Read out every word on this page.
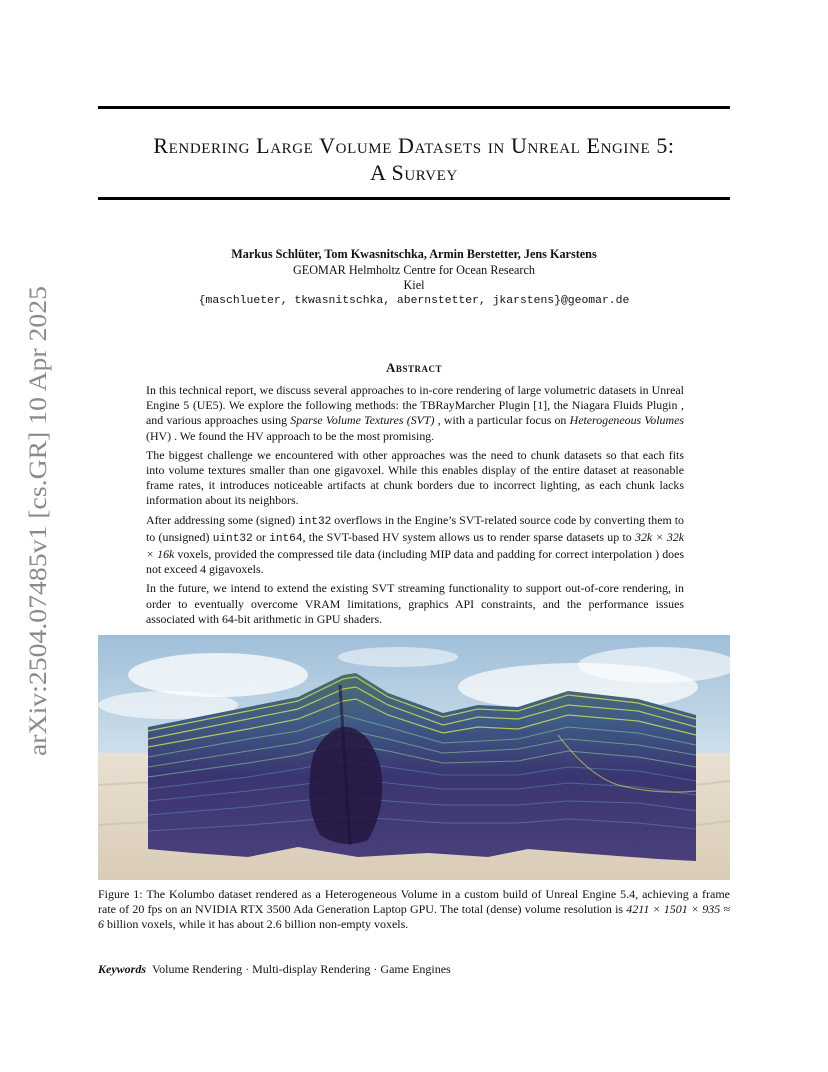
arXiv:2504.07485v1 [cs.GR] 10 Apr 2025
Rendering Large Volume Datasets in Unreal Engine 5:
A Survey
Markus Schlüter, Tom Kwasnitschka, Armin Berstetter, Jens Karstens
GEOMAR Helmholtz Centre for Ocean Research
Kiel
{maschlueter, tkwasnitschka, abernstetter, jkarstens}@geomar.de
Abstract

In this technical report, we discuss several approaches to in-core rendering of large volumetric datasets in Unreal Engine 5 (UE5). We explore the following methods: the TBRayMarcher Plugin [1], the Niagara Fluids Plugin , and various approaches using Sparse Volume Textures (SVT) , with a particular focus on Heterogeneous Volumes (HV) . We found the HV approach to be the most promising.

The biggest challenge we encountered with other approaches was the need to chunk datasets so that each fits into volume textures smaller than one gigavoxel. While this enables display of the entire dataset at reasonable frame rates, it introduces noticeable artifacts at chunk borders due to incorrect lighting, as each chunk lacks information about its neighbors.

After addressing some (signed) int32 overflows in the Engine’s SVT-related source code by converting them to to (unsigned) uint32 or int64, the SVT-based HV system allows us to render sparse datasets up to 32k × 32k × 16k voxels, provided the compressed tile data (including MIP data and padding for correct interpolation ) does not exceed 4 gigavoxels.

In the future, we intend to extend the existing SVT streaming functionality to support out-of-core rendering, in order to eventually overcome VRAM limitations, graphics API constraints, and the performance issues associated with 64-bit arithmetic in GPU shaders.

Figure 1: The Kolumbo dataset rendered as a Heterogeneous Volume in a custom build of Unreal Engine 5.4, achieving a frame rate of 20 fps on an NVIDIA RTX 3500 Ada Generation Laptop GPU. The total (dense) volume resolution is 4211 × 1501 × 935 ≈ 6 billion voxels, while it has about 2.6 billion non-empty voxels.
Keywords Volume Rendering · Multi-display Rendering · Game Engines
